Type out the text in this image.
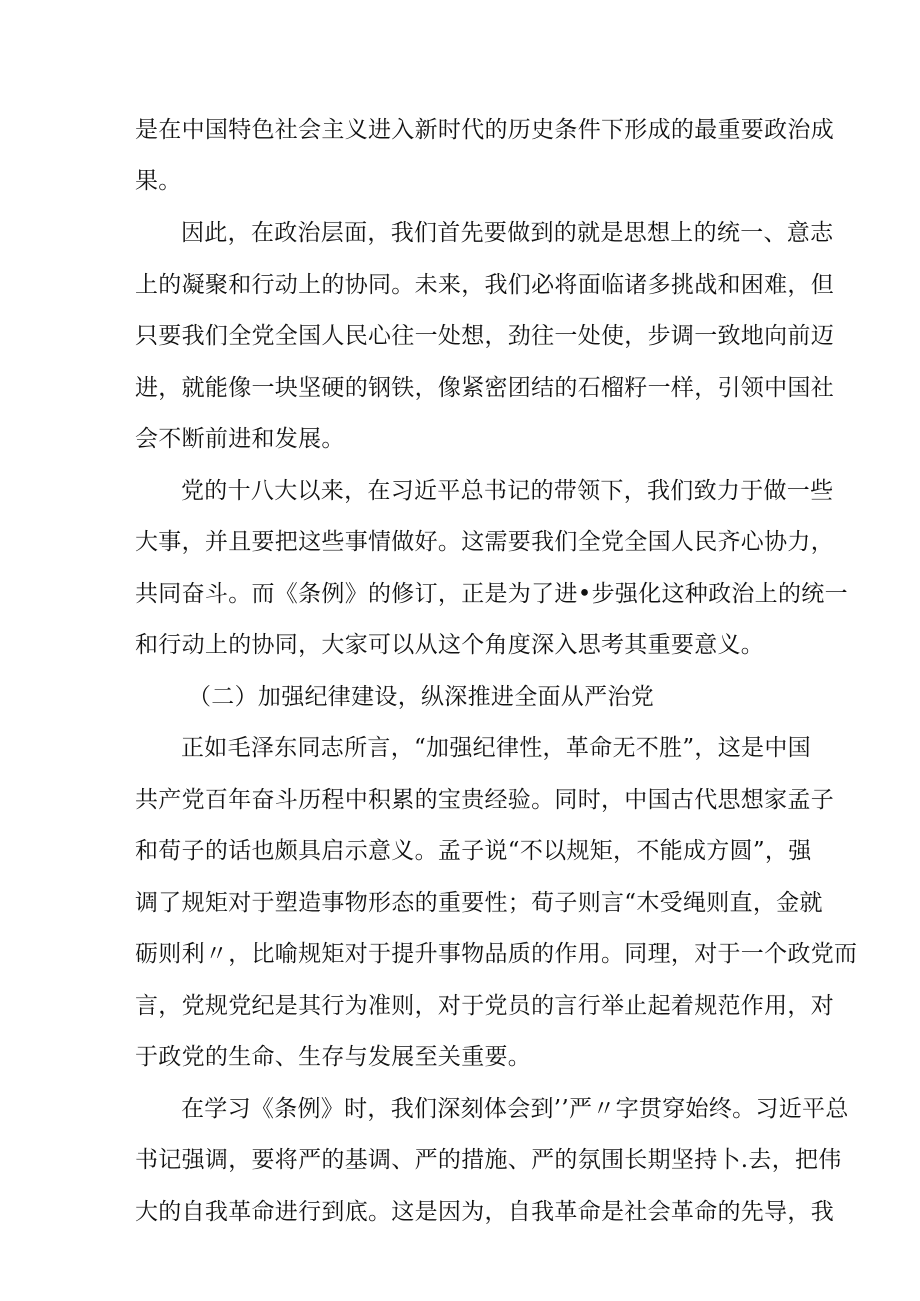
是在中国特色社会主义进入新时代的历史条件下形成的最重要政治成
果。
因此，在政治层面，我们首先要做到的就是思想上的统一、意志
上的凝聚和行动上的协同。未来，我们必将面临诸多挑战和困难，但
只要我们全党全国人民心往一处想，劲往一处使，步调一致地向前迈
进，就能像一块坚硬的钢铁，像紧密团结的石榴籽一样，引领中国社
会不断前进和发展。
党的十八大以来，在习近平总书记的带领下，我们致力于做一些
大事，并且要把这些事情做好。这需要我们全党全国人民齐心协力，
共同奋斗。而《条例》的修订，正是为了进•步强化这种政治上的统一
和行动上的协同，大家可以从这个角度深入思考其重要意义。
（二）加强纪律建设，纵深推进全面从严治党
正如毛泽东同志所言，“加强纪律性，革命无不胜”，这是中国
共产党百年奋斗历程中积累的宝贵经验。同时，中国古代思想家孟子
和荀子的话也颇具启示意义。孟子说“不以规矩，不能成方圆”，强
调了规矩对于塑造事物形态的重要性；荀子则言“木受绳则直，金就
砺则利〃，比喻规矩对于提升事物品质的作用。同理，对于一个政党而
言，党规党纪是其行为准则，对于党员的言行举止起着规范作用，对
于政党的生命、生存与发展至关重要。
在学习《条例》时，我们深刻体会到’’严〃字贯穿始终。习近平总
书记强调，要将严的基调、严的措施、严的氛围长期坚持卜.去，把伟
大的自我革命进行到底。这是因为，自我革命是社会革命的先导，我
